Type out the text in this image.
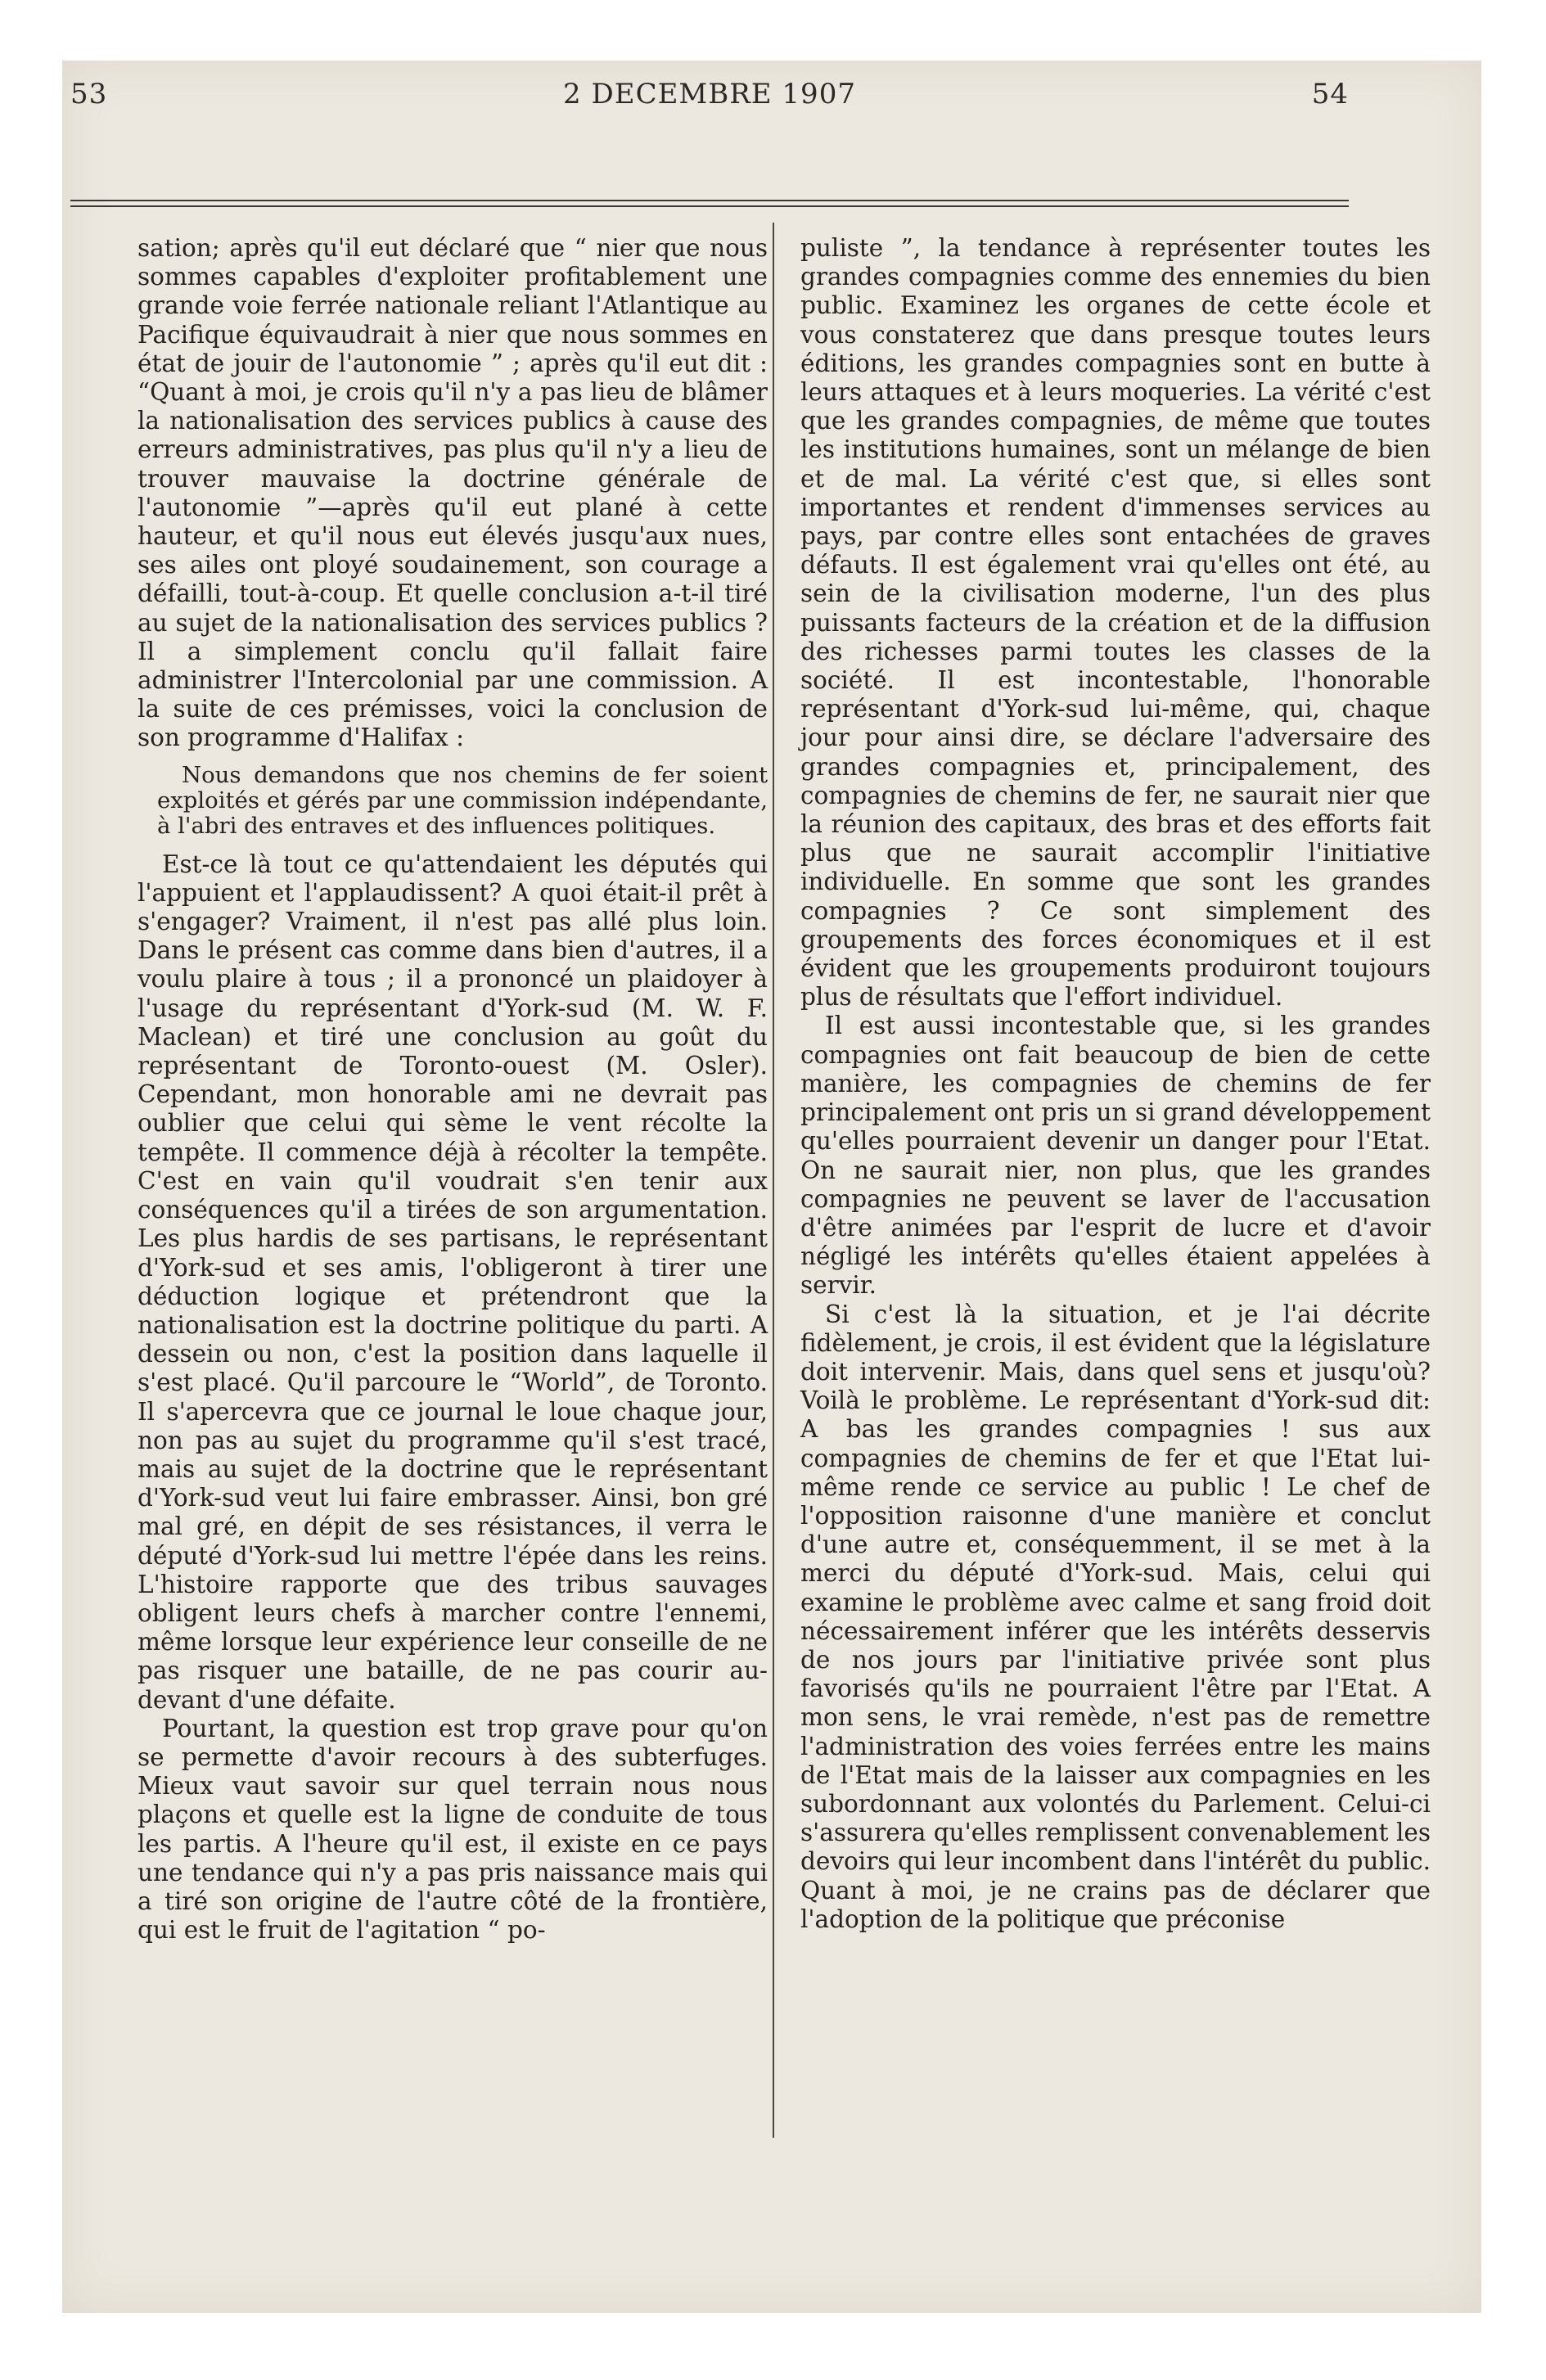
53	2 DECEMBRE 1907	54

sation; après qu'il eut déclaré que “ nier que nous sommes capables d'exploiter profitablement une grande voie ferrée nationale reliant l'Atlantique au Pacifique équivaudrait à nier que nous sommes en état de jouir de l'autonomie ” ; après qu'il eut dit : “Quant à moi, je crois qu'il n'y a pas lieu de blâmer la nationalisation des services publics à cause des erreurs administratives, pas plus qu'il n'y a lieu de trouver mauvaise la doctrine générale de l'autonomie ”—après qu'il eut plané à cette hauteur, et qu'il nous eut élevés jusqu'aux nues, ses ailes ont ployé soudainement, son courage a défailli, tout-à-coup. Et quelle conclusion a-t-il tiré au sujet de la nationalisation des services publics ? Il a simplement conclu qu'il fallait faire administrer l'Intercolonial par une commission. A la suite de ces prémisses, voici la conclusion de son programme d'Halifax :

Nous demandons que nos chemins de fer soient exploités et gérés par une commission indépendante, à l'abri des entraves et des influences politiques.

Est-ce là tout ce qu'attendaient les députés qui l'appuient et l'applaudissent? A quoi était-il prêt à s'engager? Vraiment, il n'est pas allé plus loin. Dans le présent cas comme dans bien d'autres, il a voulu plaire à tous ; il a prononcé un plaidoyer à l'usage du représentant d'York-sud (M. W. F. Maclean) et tiré une conclusion au goût du représentant de Toronto-ouest (M. Osler). Cependant, mon honorable ami ne devrait pas oublier que celui qui sème le vent récolte la tempête. Il commence déjà à récolter la tempête. C'est en vain qu'il voudrait s'en tenir aux conséquences qu'il a tirées de son argumentation. Les plus hardis de ses partisans, le représentant d'York-sud et ses amis, l'obligeront à tirer une déduction logique et prétendront que la nationalisation est la doctrine politique du parti. A dessein ou non, c'est la position dans laquelle il s'est placé. Qu'il parcoure le “World”, de Toronto. Il s'apercevra que ce journal le loue chaque jour, non pas au sujet du programme qu'il s'est tracé, mais au sujet de la doctrine que le représentant d'York-sud veut lui faire embrasser. Ainsi, bon gré mal gré, en dépit de ses résistances, il verra le député d'York-sud lui mettre l'épée dans les reins. L'histoire rapporte que des tribus sauvages obligent leurs chefs à marcher contre l'ennemi, même lorsque leur expérience leur conseille de ne pas risquer une bataille, de ne pas courir au-devant d'une défaite.

Pourtant, la question est trop grave pour qu'on se permette d'avoir recours à des subterfuges. Mieux vaut savoir sur quel terrain nous nous plaçons et quelle est la ligne de conduite de tous les partis. A l'heure qu'il est, il existe en ce pays une tendance qui n'y a pas pris naissance mais qui a tiré son origine de l'autre côté de la frontière, qui est le fruit de l'agitation “ po-

puliste ”, la tendance à représenter toutes les grandes compagnies comme des ennemies du bien public. Examinez les organes de cette école et vous constaterez que dans presque toutes leurs éditions, les grandes compagnies sont en butte à leurs attaques et à leurs moqueries. La vérité c'est que les grandes compagnies, de même que toutes les institutions humaines, sont un mélange de bien et de mal. La vérité c'est que, si elles sont importantes et rendent d'immenses services au pays, par contre elles sont entachées de graves défauts. Il est également vrai qu'elles ont été, au sein de la civilisation moderne, l'un des plus puissants facteurs de la création et de la diffusion des richesses parmi toutes les classes de la société. Il est incontestable, l'honorable représentant d'York-sud lui-même, qui, chaque jour pour ainsi dire, se déclare l'adversaire des grandes compagnies et, principalement, des compagnies de chemins de fer, ne saurait nier que la réunion des capitaux, des bras et des efforts fait plus que ne saurait accomplir l'initiative individuelle. En somme que sont les grandes compagnies ? Ce sont simplement des groupements des forces économiques et il est évident que les groupements produiront toujours plus de résultats que l'effort individuel.

Il est aussi incontestable que, si les grandes compagnies ont fait beaucoup de bien de cette manière, les compagnies de chemins de fer principalement ont pris un si grand développement qu'elles pourraient devenir un danger pour l'Etat. On ne saurait nier, non plus, que les grandes compagnies ne peuvent se laver de l'accusation d'être animées par l'esprit de lucre et d'avoir négligé les intérêts qu'elles étaient appelées à servir.

Si c'est là la situation, et je l'ai décrite fidèlement, je crois, il est évident que la législature doit intervenir. Mais, dans quel sens et jusqu'où? Voilà le problème. Le représentant d'York-sud dit: A bas les grandes compagnies ! sus aux compagnies de chemins de fer et que l'Etat lui-même rende ce service au public ! Le chef de l'opposition raisonne d'une manière et conclut d'une autre et, conséquemment, il se met à la merci du député d'York-sud. Mais, celui qui examine le problème avec calme et sang froid doit nécessairement inférer que les intérêts desservis de nos jours par l'initiative privée sont plus favorisés qu'ils ne pourraient l'être par l'Etat. A mon sens, le vrai remède, n'est pas de remettre l'administration des voies ferrées entre les mains de l'Etat mais de la laisser aux compagnies en les subordonnant aux volontés du Parlement. Celui-ci s'assurera qu'elles remplissent convenablement les devoirs qui leur incombent dans l'intérêt du public. Quant à moi, je ne crains pas de déclarer que l'adoption de la politique que préconise
